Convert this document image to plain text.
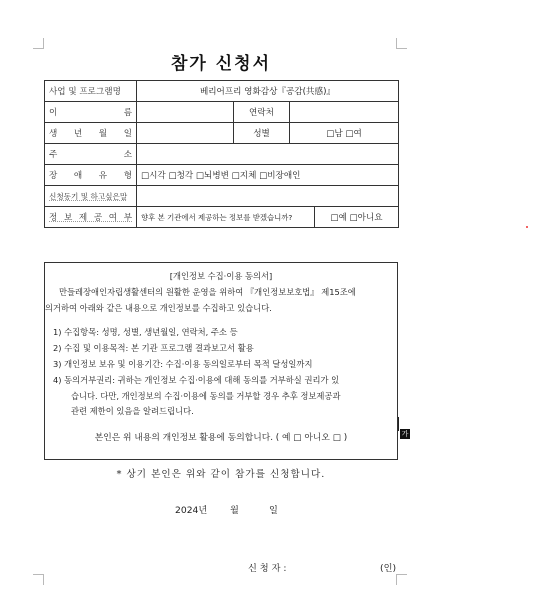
참가 신청서
사업 및 프로그램명	베리어프리 영화감상『공감(共感)』			
이 름		연락처		
생 년 월 일		성별	□남 □여	
주 소				
장 애 유 형	□시각 □청각 □뇌병변 □지체 □비장애인			
신청동기 및 하고싶은말				
정 보 제 공 여 부	향후 본 기관에서 제공하는 정보를 받겠습니까?			□예 □아니요
[개인정보 수집·이용 동의서]

만들레장애인자립생활센터의 원활한 운영을 위하여 『개인정보보호법』 제15조에

의거하여 아래와 같은 내용으로 개인정보를 수집하고 있습니다.

1) 수집항목: 성명, 성별, 생년월일, 연락처, 주소 등

2) 수집 및 이용목적: 본 기관 프로그램 결과보고서 활용

3) 개인정보 보유 및 이용기간: 수집·이용 동의일로부터 목적 달성일까지

4) 동의거부권리: 귀하는 개인정보 수집·이용에 대해 동의를 거부하실 권리가 있

습니다. 다만, 개인정보의 수집·이용에 동의를 거부할 경우 추후 정보제공과

관련 제한이 있음을 알려드립니다.

본인은 위 내용의 개인정보 활용에 동의합니다. ( 예 □ 아니오 □ )	가
* 상기 본인은 위와 같이 참가를 신청합니다.
2024년 월	일
신 청 자 :	(인)
